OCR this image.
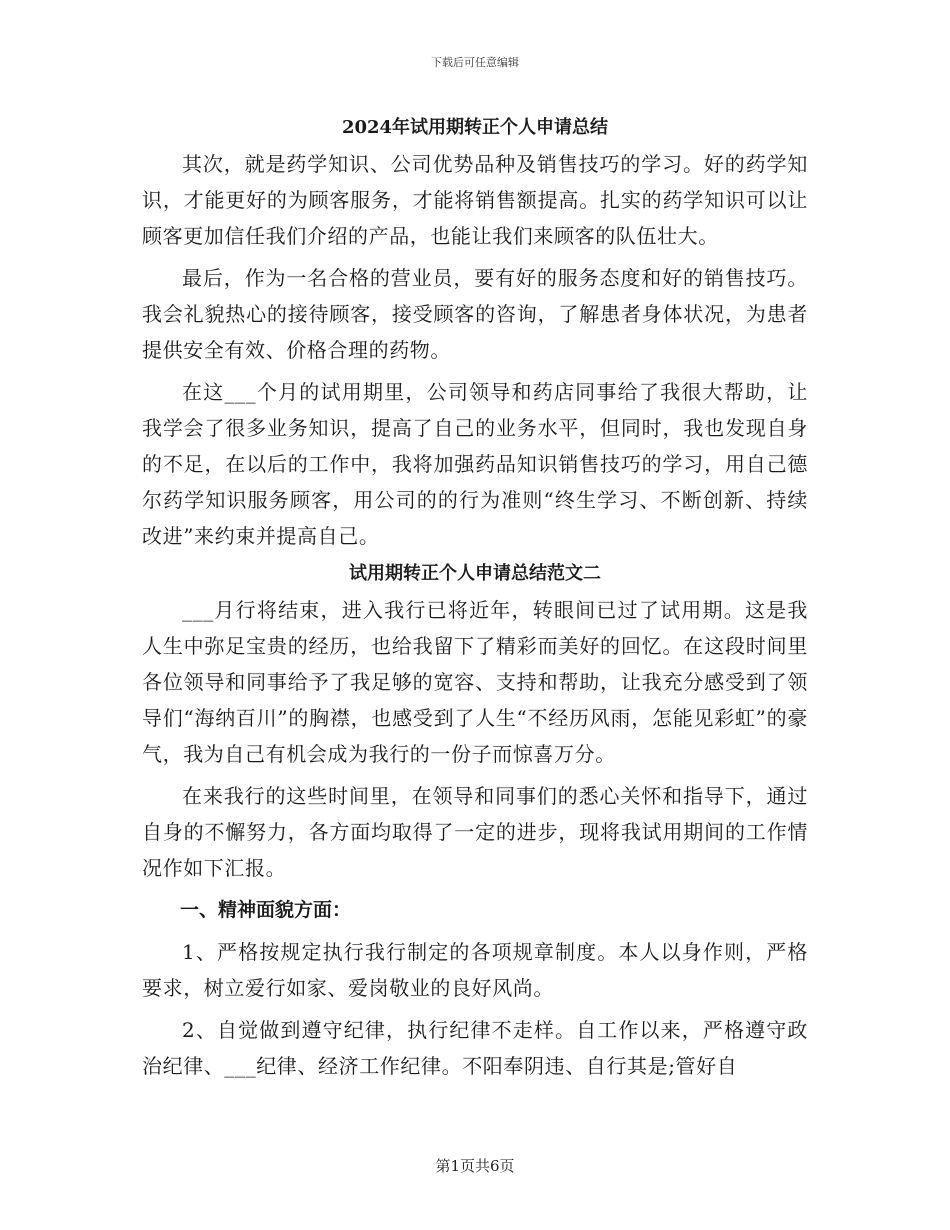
下载后可任意编辑
2024年试用期转正个人申请总结

其次，就是药学知识、公司优势品种及销售技巧的学习。好的药学知识，才能更好的为顾客服务，才能将销售额提高。扎实的药学知识可以让顾客更加信任我们介绍的产品，也能让我们来顾客的队伍壮大。

最后，作为一名合格的营业员，要有好的服务态度和好的销售技巧。我会礼貌热心的接待顾客，接受顾客的咨询，了解患者身体状况，为患者提供安全有效、价格合理的药物。

在这___个月的试用期里，公司领导和药店同事给了我很大帮助，让我学会了很多业务知识，提高了自己的业务水平，但同时，我也发现自身的不足，在以后的工作中，我将加强药品知识销售技巧的学习，用自己德尔药学知识服务顾客，用公司的的行为准则“终生学习、不断创新、持续改进”来约束并提高自己。

试用期转正个人申请总结范文二

___月行将结束，进入我行已将近年，转眼间已过了试用期。这是我人生中弥足宝贵的经历，也给我留下了精彩而美好的回忆。在这段时间里各位领导和同事给予了我足够的宽容、支持和帮助，让我充分感受到了领导们“海纳百川”的胸襟，也感受到了人生“不经历风雨，怎能见彩虹”的豪气，我为自己有机会成为我行的一份子而惊喜万分。

在来我行的这些时间里，在领导和同事们的悉心关怀和指导下，通过自身的不懈努力，各方面均取得了一定的进步，现将我试用期间的工作情况作如下汇报。

一、精神面貌方面：

1、严格按规定执行我行制定的各项规章制度。本人以身作则，严格要求，树立爱行如家、爱岗敬业的良好风尚。

2、自觉做到遵守纪律，执行纪律不走样。自工作以来，严格遵守政治纪律、___纪律、经济工作纪律。不阳奉阴违、自行其是;管好自

第1页共6页
